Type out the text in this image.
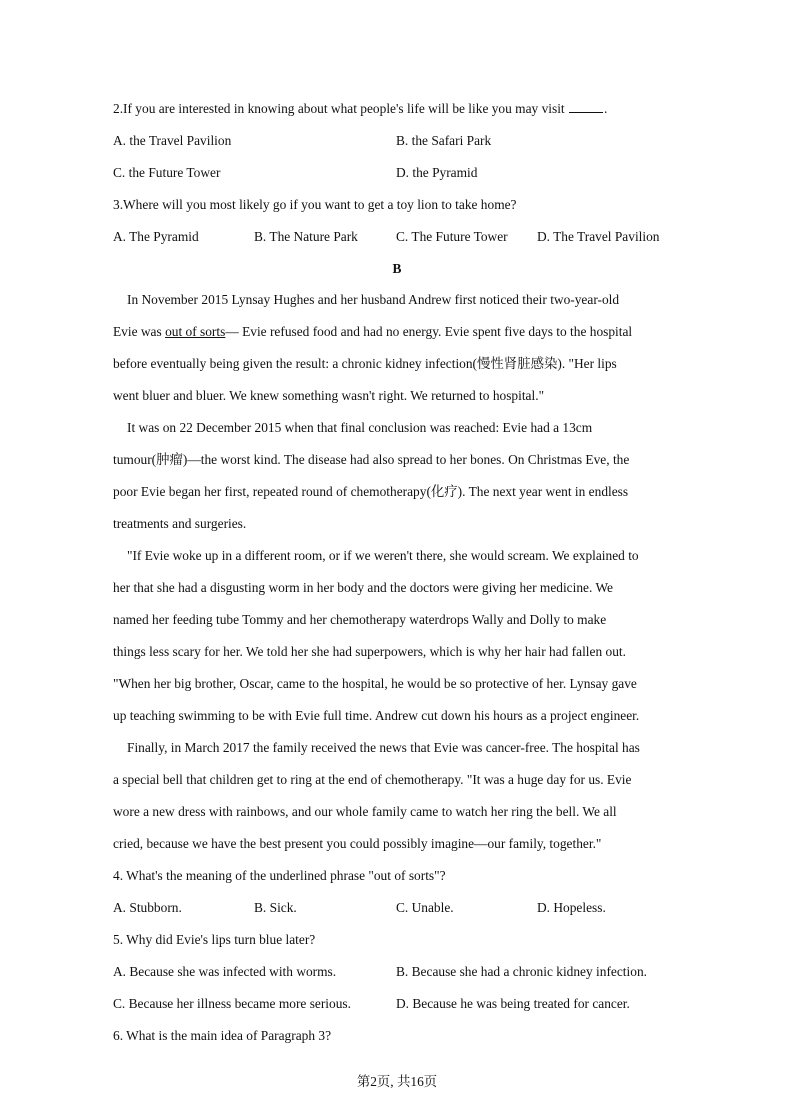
2.If you are interested in knowing about what people's life will be like you may visit	.
A. the Travel Pavilion	B. the Safari Park
C. the Future Tower	D. the Pyramid
3.Where will you most likely go if you want to get a toy lion to take home?
A. The Pyramid	B. The Nature Park	C. The Future Tower D. The Travel Pavilion
B
In November 2015 Lynsay Hughes and her husband Andrew first noticed their two-year-old
Evie was out of sorts— Evie refused food and had no energy. Evie spent five days to the hospital
before eventually being given the result: a chronic kidney infection(慢性肾脏感染). "Her lips
went bluer and bluer. We knew something wasn't right. We returned to hospital."
It was on 22 December 2015 when that final conclusion was reached: Evie had a 13cm
tumour(肿瘤)—the worst kind. The disease had also spread to her bones. On Christmas Eve, the
poor Evie began her first, repeated round of chemotherapy(化疗). The next year went in endless
treatments and surgeries.
"If Evie woke up in a different room, or if we weren't there, she would scream. We explained to
her that she had a disgusting worm in her body and the doctors were giving her medicine. We
named her feeding tube Tommy and her chemotherapy waterdrops Wally and Dolly to make
things less scary for her. We told her she had superpowers, which is why her hair had fallen out.
"When her big brother, Oscar, came to the hospital, he would be so protective of her. Lynsay gave
up teaching swimming to be with Evie full time. Andrew cut down his hours as a project engineer.
Finally, in March 2017 the family received the news that Evie was cancer-free. The hospital has
a special bell that children get to ring at the end of chemotherapy. "It was a huge day for us. Evie
wore a new dress with rainbows, and our whole family came to watch her ring the bell. We all
cried, because we have the best present you could possibly imagine—our family, together."
4. What's the meaning of the underlined phrase "out of sorts"?
A. Stubborn.	B. Sick.	C. Unable.	D. Hopeless.
5. Why did Evie's lips turn blue later?
A. Because she was infected with worms.	B. Because she had a chronic kidney infection.
C. Because her illness became more serious.	D. Because he was being treated for cancer.
6. What is the main idea of Paragraph 3?
第2页, 共16页
